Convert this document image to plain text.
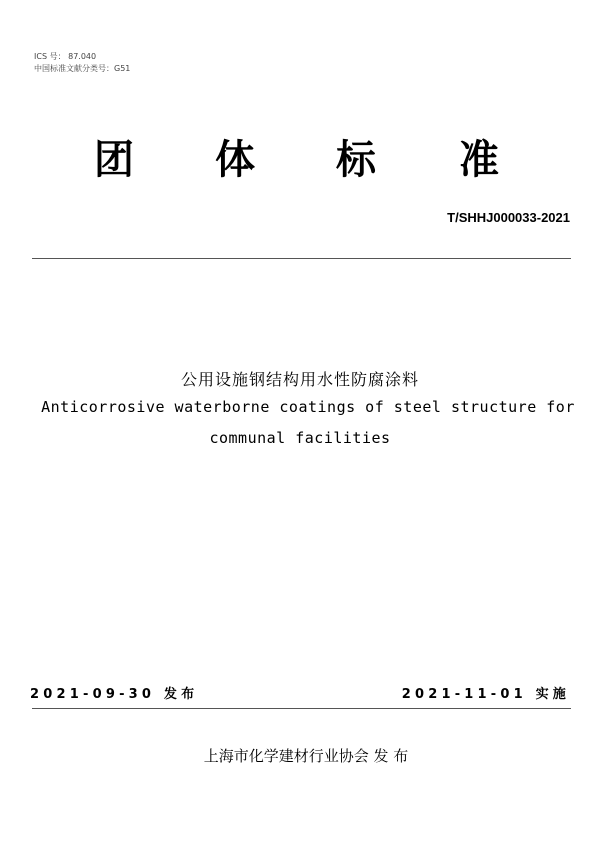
ICS 号： 87.040
中国标准文献分类号：G51
团 体 标 准
T/SHHJ000033-2021
公用设施钢结构用水性防腐涂料
Anticorrosive waterborne coatings of steel structure for
communal facilities
2021-09-30 发布	2021-11-01 实施
上海市化学建材行业协会 发 布
